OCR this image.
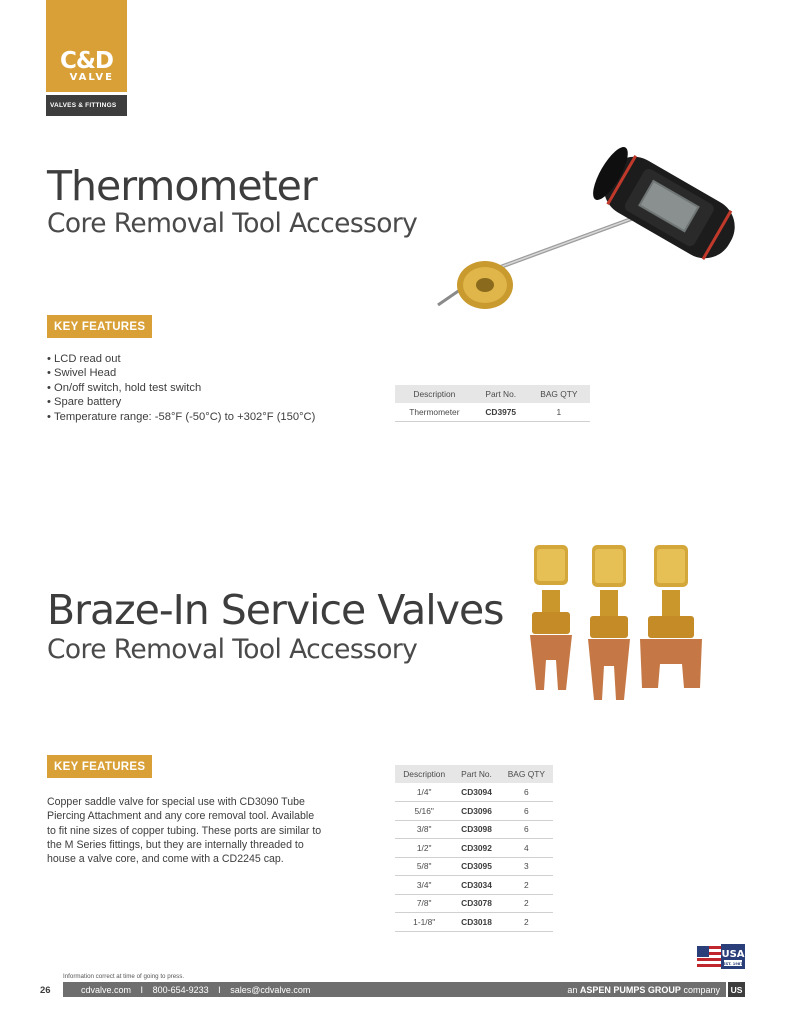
C&D
VALVE
VALVES & FITTINGS
Thermometer
Core Removal Tool Accessory
KEY FEATURES
• LCD read out
• Swivel Head
• On/off switch, hold test switch
• Spare battery
• Temperature range: -58°F (-50°C) to +302°F (150°C)
Description	Part No.	BAG QTY
Thermometer	CD3975	1
Braze-In Service Valves
Core Removal Tool Accessory
KEY FEATURES

Copper saddle valve for special use with CD3090 Tube Piercing Attachment and any core removal tool. Available to fit nine sizes of copper tubing. These ports are similar to the M Series fittings, but they are internally threaded to house a valve core, and come with a CD2245 cap.

Description	Part No.	BAG QTY
1/4"	CD3094	6
5/16"	CD3096	6
3/8"	CD3098	6
1/2"	CD3092	4
5/8"	CD3095	3
3/4"	CD3034	2
7/8"	CD3078	2
1-1/8"	CD3018	2
Information correct at time of going to press.
26	cdvalve.com I 800-654-9233 I sales@cdvalve.com	an ASPEN PUMPS GROUP company	US
USA
EST. 1987
